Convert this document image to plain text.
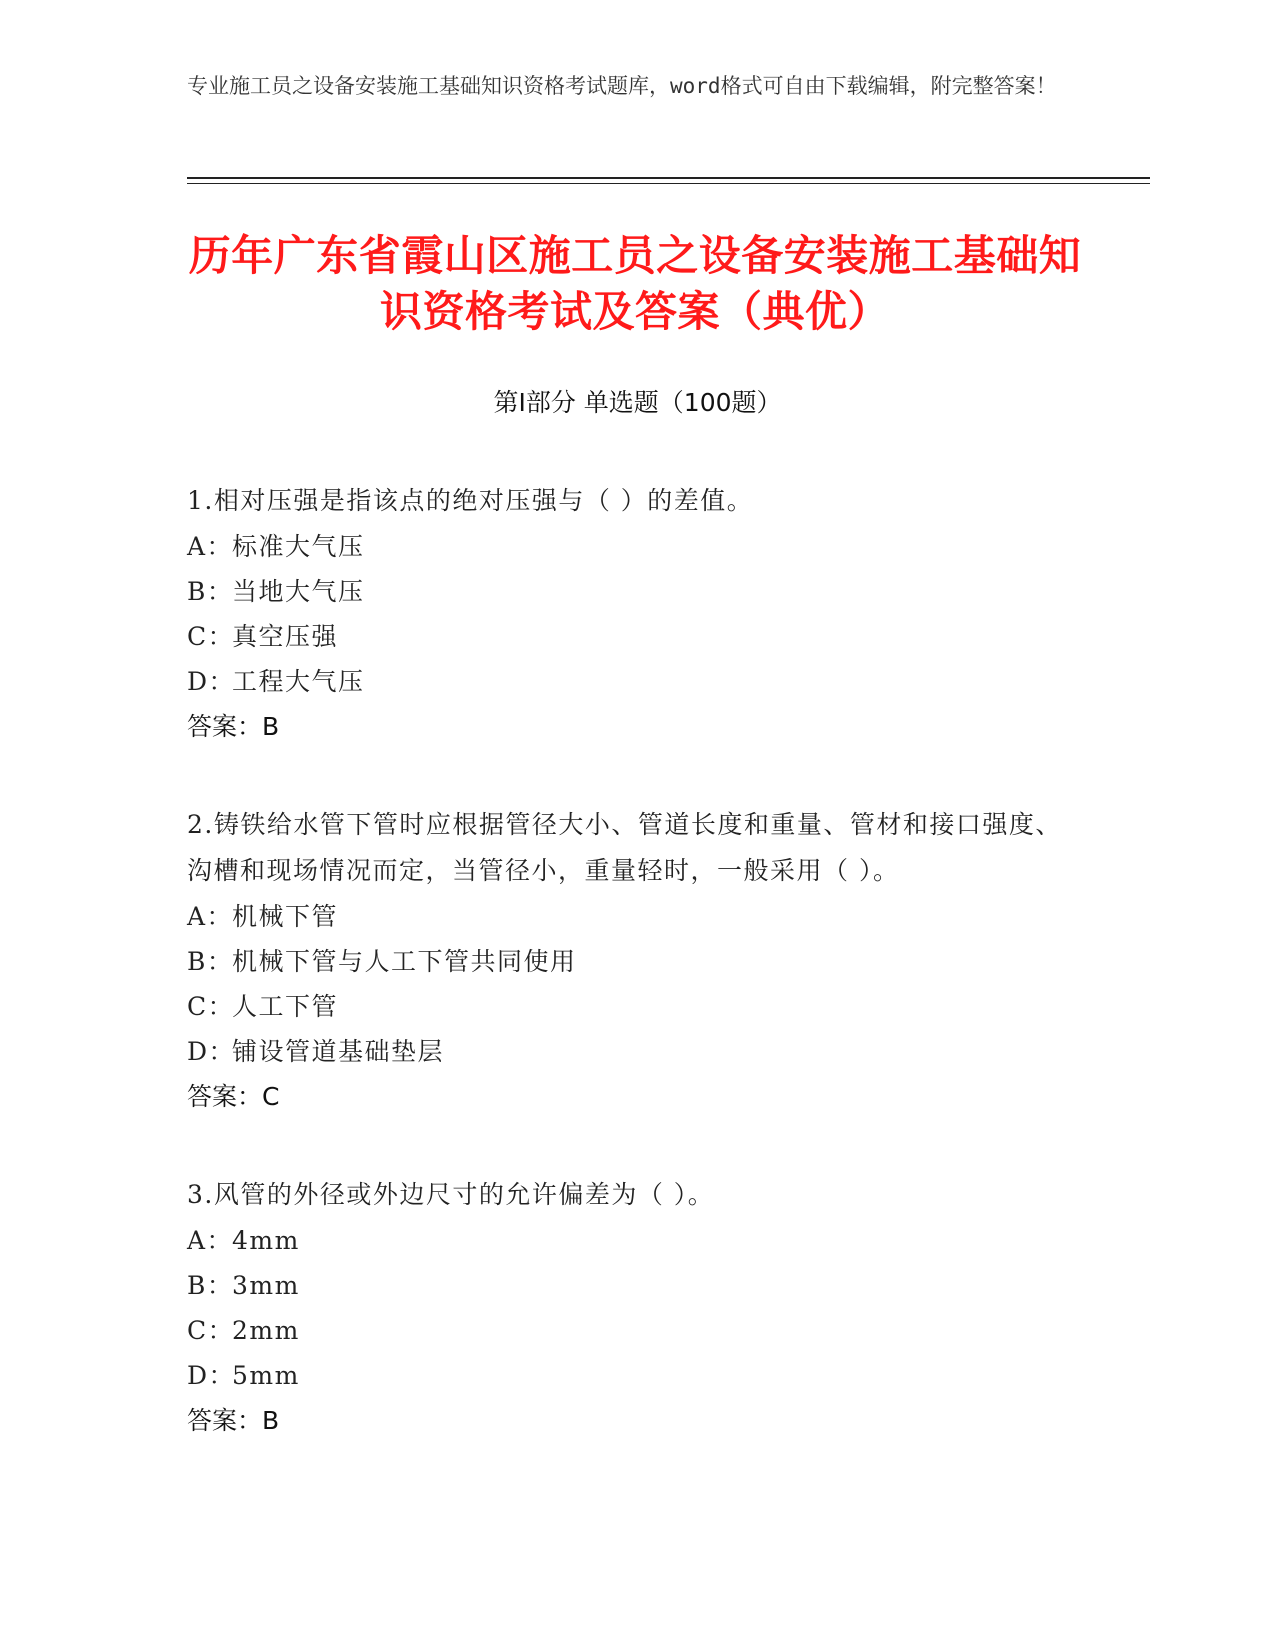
专业施工员之设备安装施工基础知识资格考试题库，word格式可自由下载编辑，附完整答案！
历年广东省霞山区施工员之设备安装施工基础知识资格考试及答案（典优）
第Ⅰ部分 单选题（100题）
1.相对压强是指该点的绝对压强与（ ）的差值。
A：标准大气压
B：当地大气压
C：真空压强
D：工程大气压
答案：B
2.铸铁给水管下管时应根据管径大小、管道长度和重量、管材和接口强度、沟槽和现场情况而定，当管径小，重量轻时，一般采用（ ）。
A：机械下管
B：机械下管与人工下管共同使用
C：人工下管
D：铺设管道基础垫层
答案：C
3.风管的外径或外边尺寸的允许偏差为（ ）。
A：4mm
B：3mm
C：2mm
D：5mm
答案：B
